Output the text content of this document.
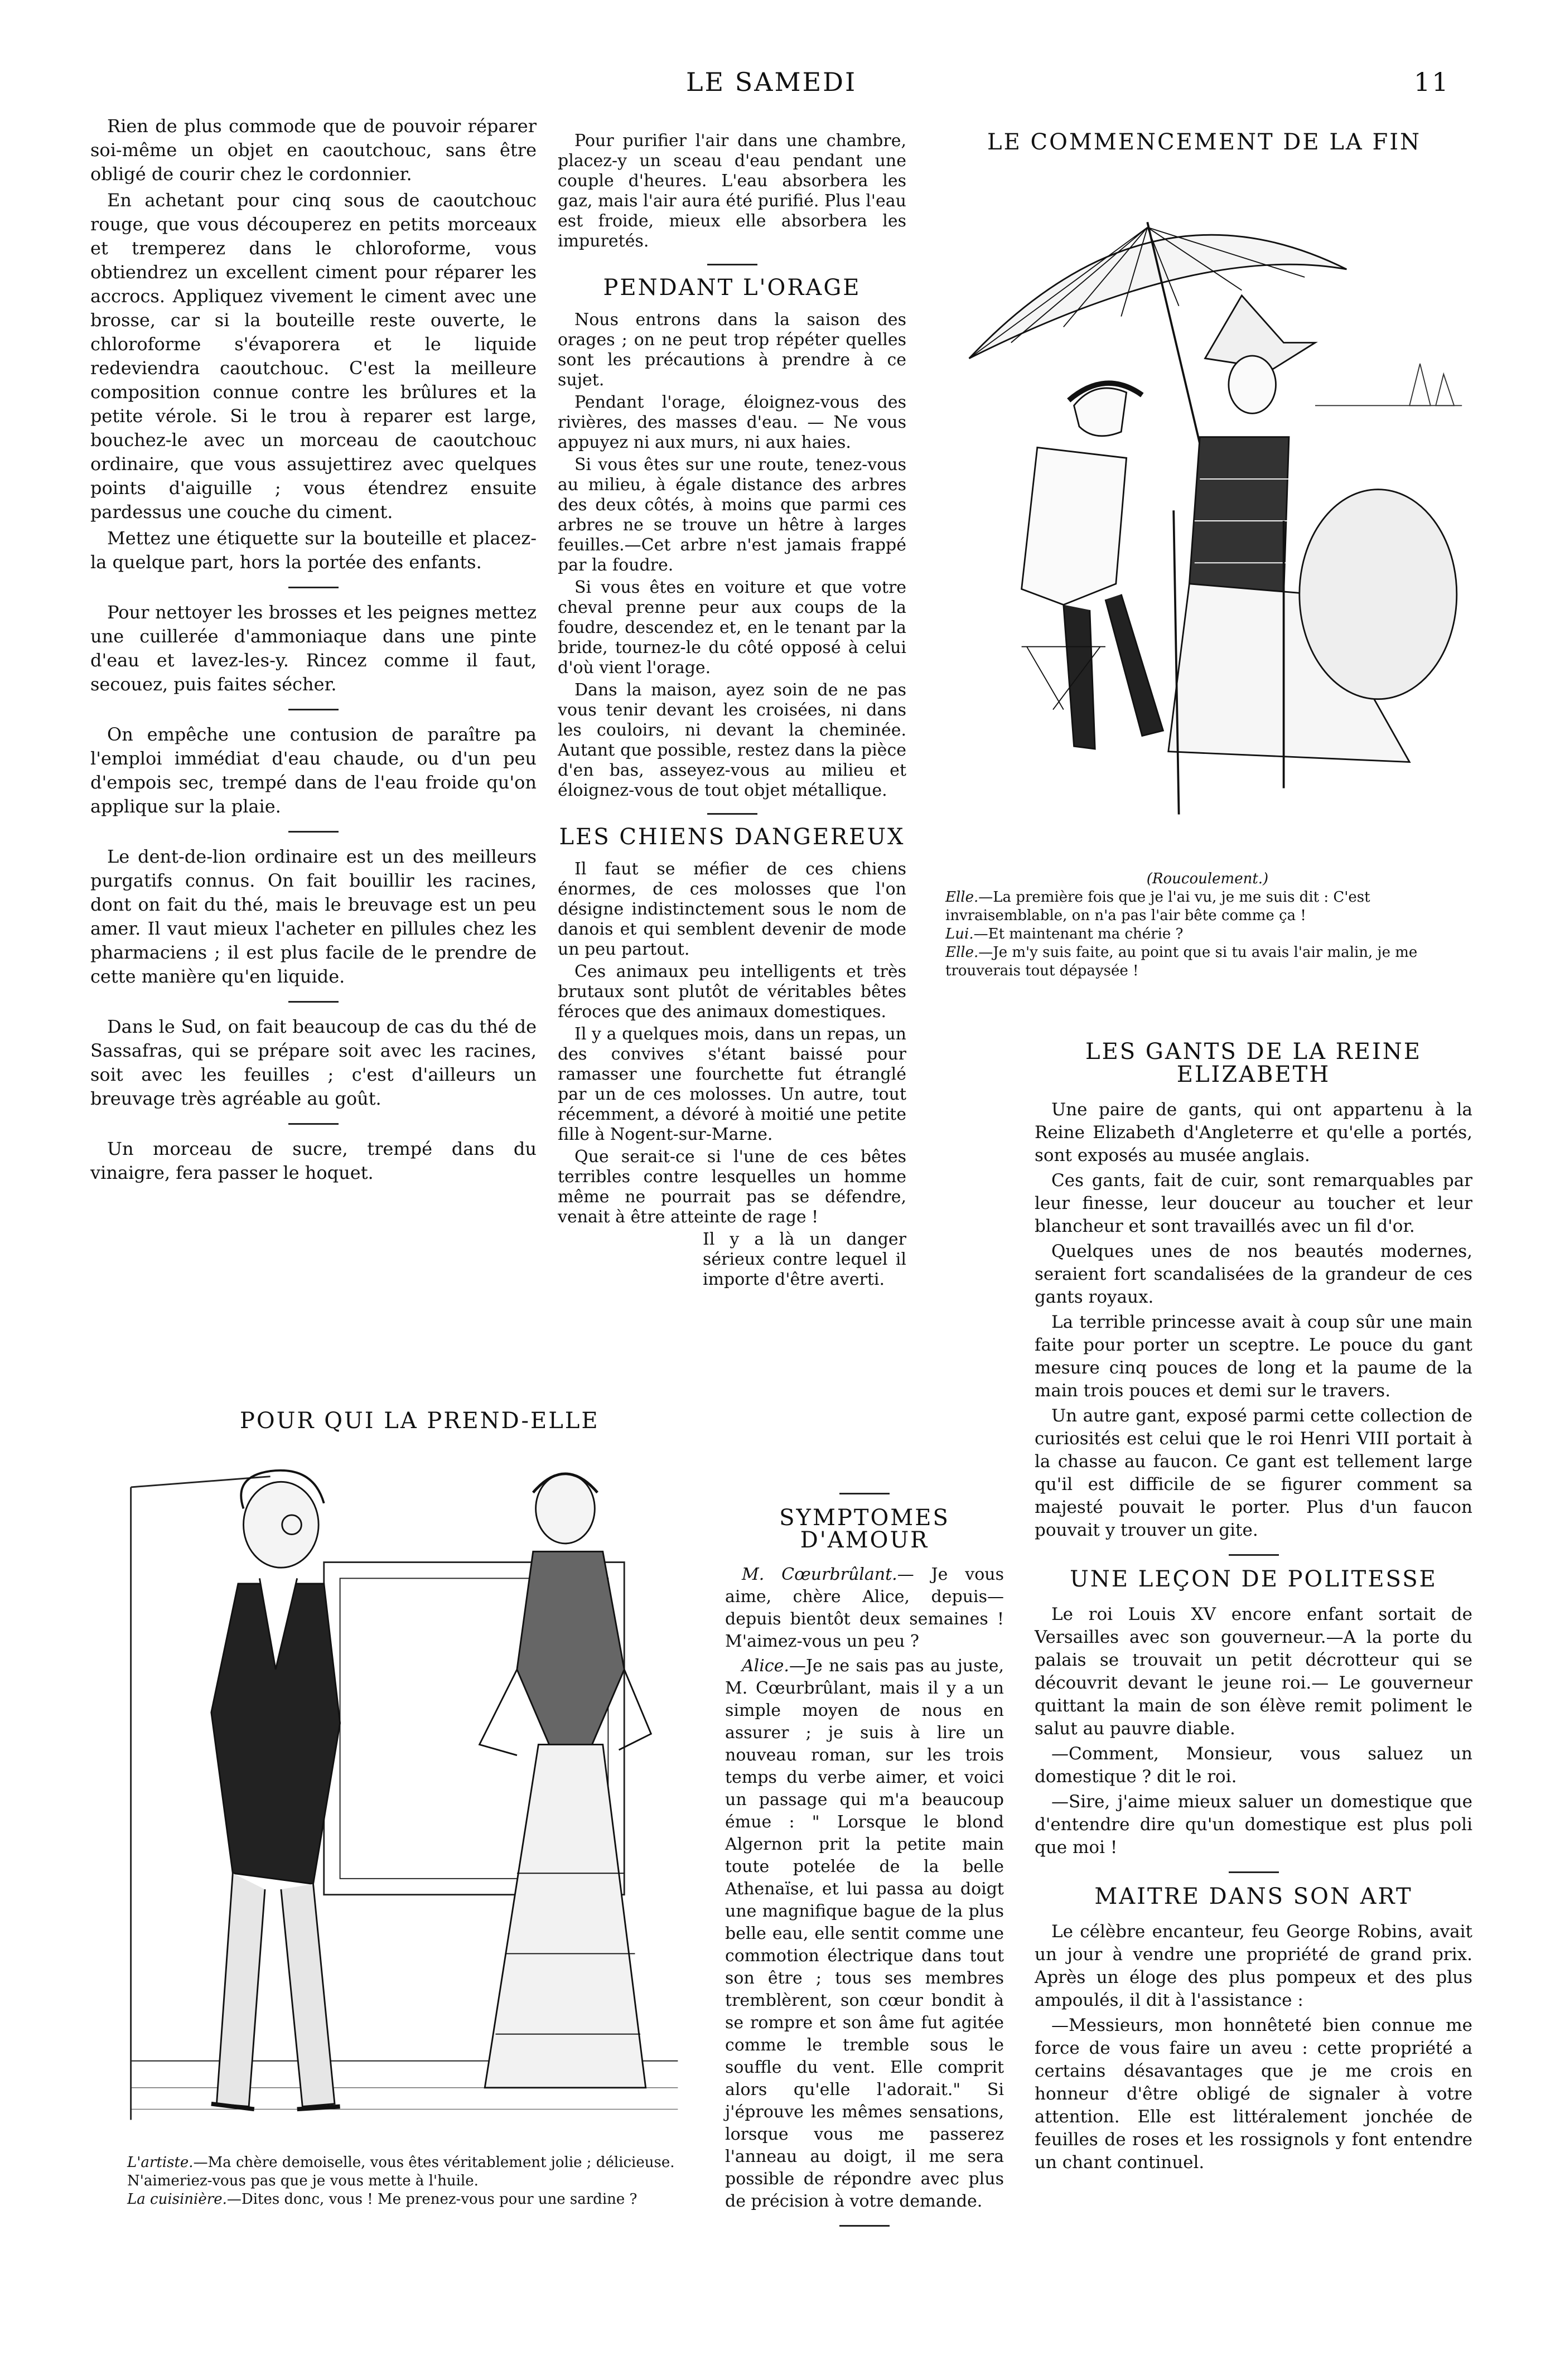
LE SAMEDI	11

Rien de plus commode que de pouvoir réparer soi-même un objet en caoutchouc, sans être obligé de courir chez le cordonnier.

En achetant pour cinq sous de caoutchouc rouge, que vous découperez en petits morceaux et tremperez dans le chloroforme, vous obtiendrez un excellent ciment pour réparer les accrocs. Appliquez vivement le ciment avec une brosse, car si la bouteille reste ouverte, le chloroforme s'évaporera et le liquide redeviendra caoutchouc. C'est la meilleure composition connue contre les brûlures et la petite vérole. Si le trou à reparer est large, bouchez-le avec un morceau de caoutchouc ordinaire, que vous assujettirez avec quelques points d'aiguille ; vous étendrez ensuite pardessus une couche du ciment.

Mettez une étiquette sur la bouteille et placez-la quelque part, hors la portée des enfants.

Pour nettoyer les brosses et les peignes mettez une cuillerée d'ammoniaque dans une pinte d'eau et lavez-les-y. Rincez comme il faut, secouez, puis faites sécher.

On empêche une contusion de paraître pa l'emploi immédiat d'eau chaude, ou d'un peu d'empois sec, trempé dans de l'eau froide qu'on applique sur la plaie.

Le dent-de-lion ordinaire est un des meilleurs purgatifs connus. On fait bouillir les racines, dont on fait du thé, mais le breuvage est un peu amer. Il vaut mieux l'acheter en pillules chez les pharmaciens ; il est plus facile de le prendre de cette manière qu'en liquide.

Dans le Sud, on fait beaucoup de cas du thé de Sassafras, qui se prépare soit avec les racines, soit avec les feuilles ; c'est d'ailleurs un breuvage très agréable au goût.

Un morceau de sucre, trempé dans du vinaigre, fera passer le hoquet.

Pour purifier l'air dans une chambre, placez-y un sceau d'eau pendant une couple d'heures. L'eau absorbera les gaz, mais l'air aura été purifié. Plus l'eau est froide, mieux elle absorbera les impuretés.

PENDANT L'ORAGE

Nous entrons dans la saison des orages ; on ne peut trop répéter quelles sont les précautions à prendre à ce sujet.

Pendant l'orage, éloignez-vous des rivières, des masses d'eau. — Ne vous appuyez ni aux murs, ni aux haies.

Si vous êtes sur une route, tenez-vous au milieu, à égale distance des arbres des deux côtés, à moins que parmi ces arbres ne se trouve un hêtre à larges feuilles.—Cet arbre n'est jamais frappé par la foudre.

Si vous êtes en voiture et que votre cheval prenne peur aux coups de la foudre, descendez et, en le tenant par la bride, tournez-le du côté opposé à celui d'où vient l'orage.

Dans la maison, ayez soin de ne pas vous tenir devant les croisées, ni dans les couloirs, ni devant la cheminée. Autant que possible, restez dans la pièce d'en bas, asseyez-vous au milieu et éloignez-vous de tout objet métallique.

LES CHIENS DANGEREUX

Il faut se méfier de ces chiens énormes, de ces molosses que l'on désigne indistinctement sous le nom de danois et qui semblent devenir de mode un peu partout.

Ces animaux peu intelligents et très brutaux sont plutôt de véritables bêtes féroces que des animaux domestiques.

Il y a quelques mois, dans un repas, un des convives s'étant baissé pour ramasser une fourchette fut étranglé par un de ces molosses. Un autre, tout récemment, a dévoré à moitié une petite fille à Nogent-sur-Marne.

Que serait-ce si l'une de ces bêtes terribles contre lesquelles un homme même ne pourrait pas se défendre, venait à être atteinte de rage !

Il y a là un danger sérieux contre lequel il importe d'être averti.

POUR QUI LA PREND-ELLE

L'artiste.—Ma chère demoiselle, vous êtes véritablement jolie ; délicieuse. N'aimeriez-vous pas que je vous mette à l'huile.

La cuisinière.—Dites donc, vous ! Me prenez-vous pour une sardine ?

SYMPTOMES D'AMOUR

M. Cœurbrûlant.— Je vous aime, chère Alice, depuis—depuis bientôt deux semaines ! M'aimez-vous un peu ?

Alice.—Je ne sais pas au juste, M. Cœurbrûlant, mais il y a un simple moyen de nous en assurer ; je suis à lire un nouveau roman, sur les trois temps du verbe aimer, et voici un passage qui m'a beaucoup émue : " Lorsque le blond Algernon prit la petite main toute potelée de la belle Athenaïse, et lui passa au doigt une magnifique bague de la plus belle eau, elle sentit comme une commotion électrique dans tout son être ; tous ses membres tremblèrent, son cœur bondit à se rompre et son âme fut agitée comme le tremble sous le souffle du vent. Elle comprit alors qu'elle l'adorait." Si j'éprouve les mêmes sensations, lorsque vous me passerez l'anneau au doigt, il me sera possible de répondre avec plus de précision à votre demande.

LE COMMENCEMENT DE LA FIN

(Roucoulement.)

Elle.—La première fois que je l'ai vu, je me suis dit : C'est invraisemblable, on n'a pas l'air bête comme ça !

Lui.—Et maintenant ma chérie ?

Elle.—Je m'y suis faite, au point que si tu avais l'air malin, je me trouverais tout dépaysée !

LES GANTS DE LA REINE ELIZABETH

Une paire de gants, qui ont appartenu à la Reine Elizabeth d'Angleterre et qu'elle a portés, sont exposés au musée anglais.

Ces gants, fait de cuir, sont remarquables par leur finesse, leur douceur au toucher et leur blancheur et sont travaillés avec un fil d'or.

Quelques unes de nos beautés modernes, seraient fort scandalisées de la grandeur de ces gants royaux.

La terrible princesse avait à coup sûr une main faite pour porter un sceptre. Le pouce du gant mesure cinq pouces de long et la paume de la main trois pouces et demi sur le travers.

Un autre gant, exposé parmi cette collection de curiosités est celui que le roi Henri VIII portait à la chasse au faucon. Ce gant est tellement large qu'il est difficile de se figurer comment sa majesté pouvait le porter. Plus d'un faucon pouvait y trouver un gite.

UNE LEÇON DE POLITESSE

Le roi Louis XV encore enfant sortait de Versailles avec son gouverneur.—A la porte du palais se trouvait un petit décrotteur qui se découvrit devant le jeune roi.— Le gouverneur quittant la main de son élève remit poliment le salut au pauvre diable.

—Comment, Monsieur, vous saluez un domestique ? dit le roi.

—Sire, j'aime mieux saluer un domestique que d'entendre dire qu'un domestique est plus poli que moi !

MAITRE DANS SON ART

Le célèbre encanteur, feu George Robins, avait un jour à vendre une propriété de grand prix. Après un éloge des plus pompeux et des plus ampoulés, il dit à l'assistance :

—Messieurs, mon honnêteté bien connue me force de vous faire un aveu : cette propriété a certains désavantages que je me crois en honneur d'être obligé de signaler à votre attention. Elle est littéralement jonchée de feuilles de roses et les rossignols y font entendre un chant continuel.
